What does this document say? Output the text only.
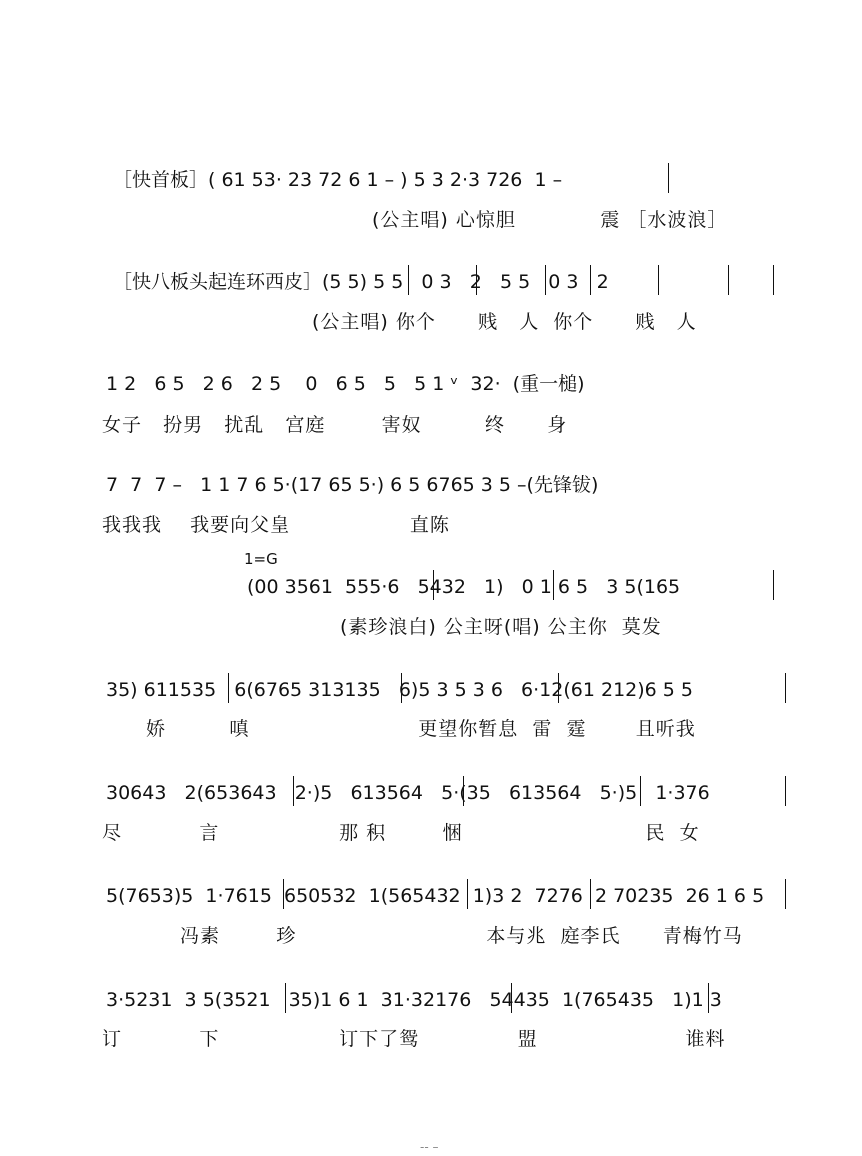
［快首板］( 61 53· 23 72 6 1 – ) 5 3 2·3 726  1 –
(公主唱) 心惊胆            震 ［水波浪］
［快八板头起连环西皮］(5 5) 5 5   0 3   2   5 5   0 3   2
(公主唱) 你个      贱   人  你个      贱   人
1 2   6 5   2 6   2 5    0   6 5   5   5 1 ᵛ  32·  (重一槌)
女子   扮男   扰乱   宫庭        害奴         终      身
7  7  7 –   1 1 7 6 5·(17 65 5·) 6 5 6765 3 5 –(先锋钹)
我我我    我要向父皇                 直陈
1=G
(00 3561  555·6   5432   1)   0 1 6 5   3 5(165
(素珍浪白) 公主呀(唱) 公主你  莫发
35) 611535   6(6765 313135   6)5 3 5 3 6   6·12(61 212)6 5 5
娇         嗔                        更望你暂息  雷  霆       且听我
30643   2(653643   2·)5   613564   5·(35   613564   5·)5   1·376
尽           言                 那 积        悃                          民  女
5(7653)5  1·7615  650532  1(565432  1)3 2  7276  2 70235  26 1 6 5
冯素        珍                           本与兆  庭李氏      青梅竹马
3·5231  3 5(3521   35)1 6 1  31·32176   54435  1(765435   1)1 3
订           下                 订下了鸳              盟                     谁料
-- –
